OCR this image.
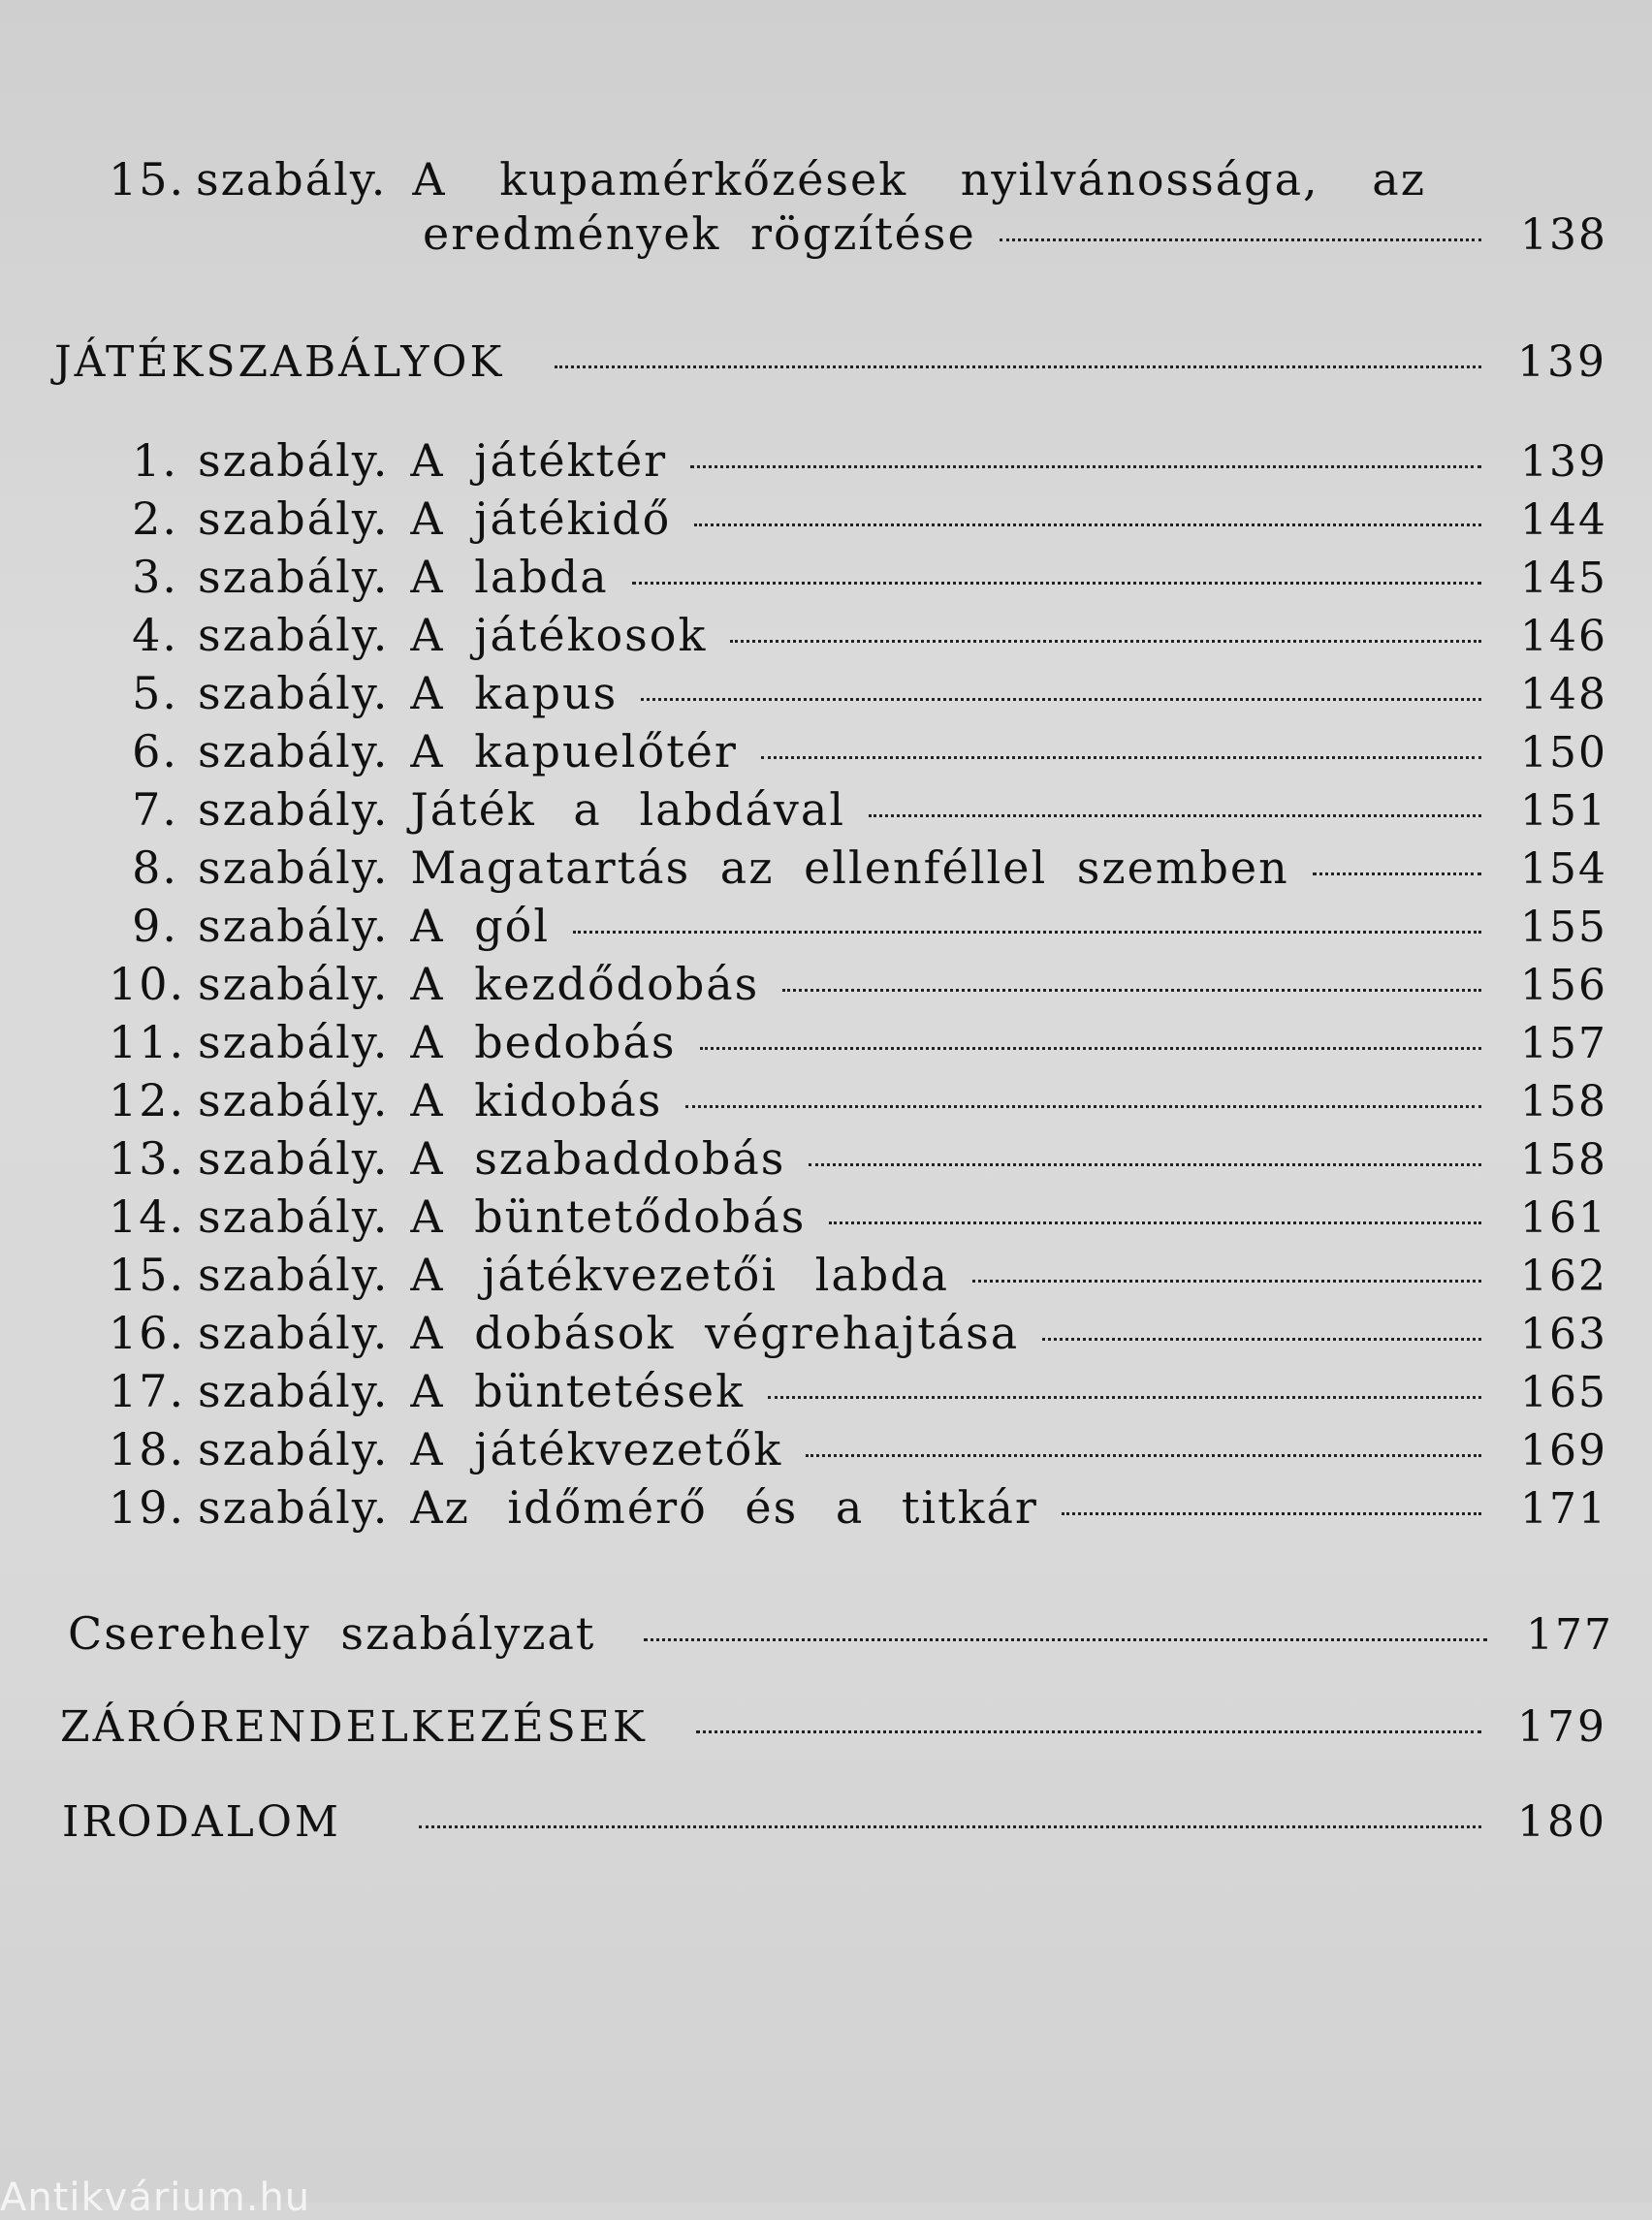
15. szabály. A kupamérkőzések nyilvánossága, az
eredmények rögzítése	138
JÁTÉKSZABÁLYOK	139
1. szabály. A játéktér	139
2. szabály. A játékidő	144
3. szabály. A labda	145
4. szabály. A játékosok	146
5. szabály. A kapus	148
6. szabály. A kapuelőtér	150
7. szabály. Játék a labdával	151
8. szabály. Magatartás az ellenféllel szemben	154
9. szabály. A gól	155
10. szabály. A kezdődobás	156
11. szabály. A bedobás	157
12. szabály. A kidobás	158
13. szabály. A szabaddobás	158
14. szabály. A büntetődobás	161
15. szabály. A játékvezetői labda	162
16. szabály. A dobások végrehajtása	163
17. szabály. A büntetések	165
18. szabály. A játékvezetők	169
19. szabály. Az időmérő és a titkár	171
Cserehely szabályzat	177
ZÁRÓRENDELKEZÉSEK	179
IRODALOM	180
Antikvárium.hu
